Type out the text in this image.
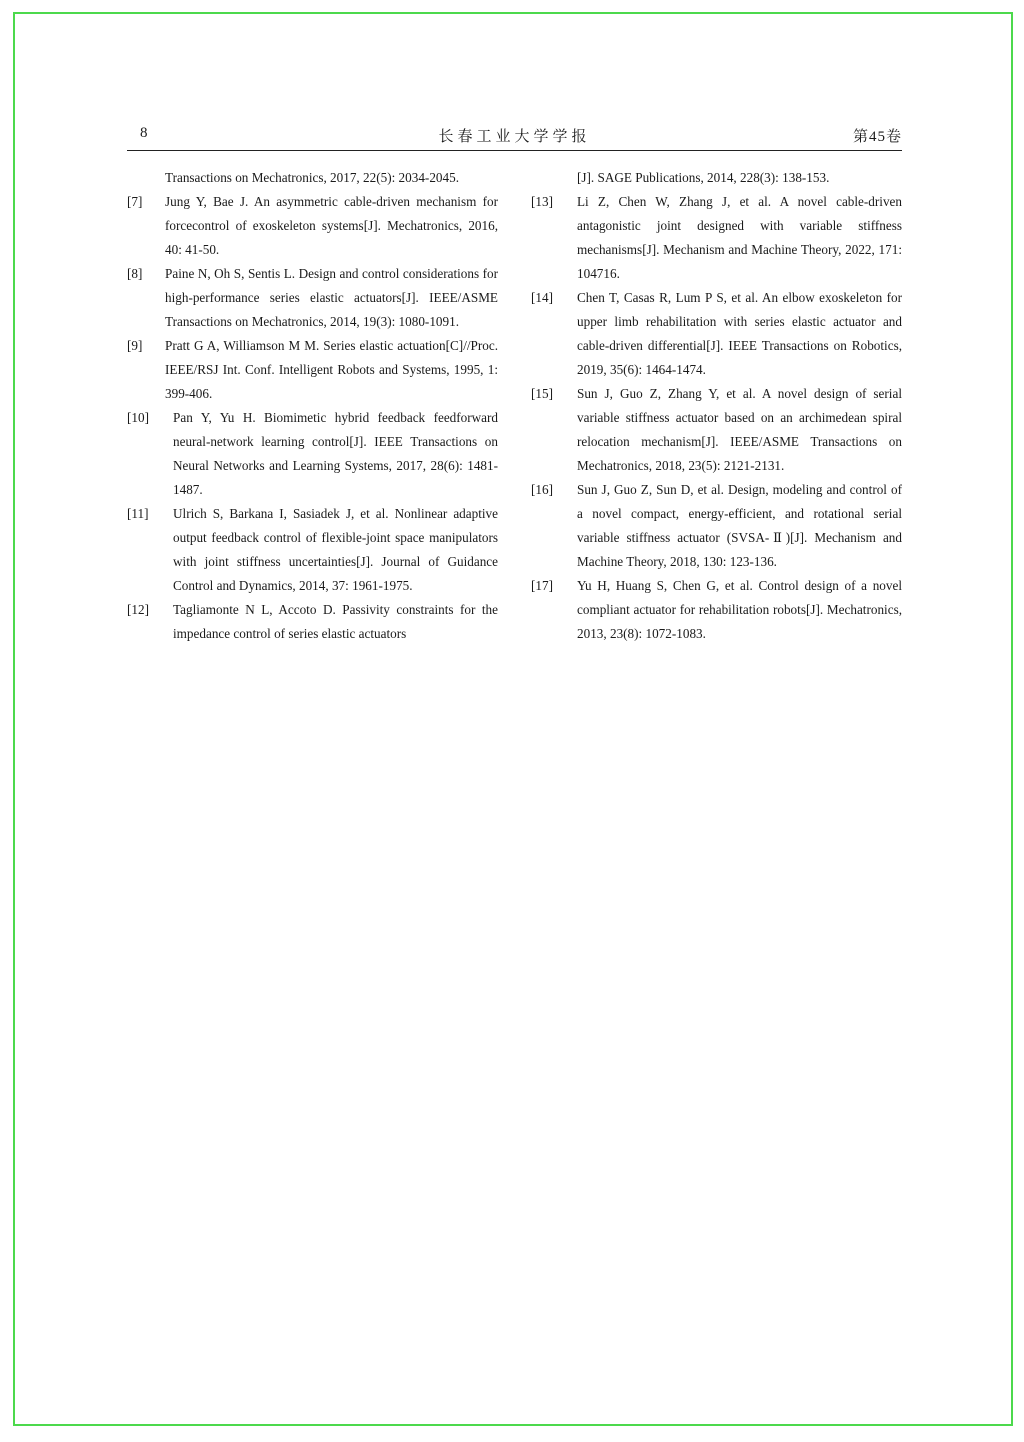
8	长春工业大学学报	第45卷
Transactions on Mechatronics, 2017, 22(5): 2034-2045.
[7]	Jung Y, Bae J. An asymmetric cable-driven mechanism for forcecontrol of exoskeleton systems[J]. Mechatronics, 2016, 40: 41-50.
[8]	Paine N, Oh S, Sentis L. Design and control considerations for high-performance series elastic actuators[J]. IEEE/ASME Transactions on Mechatronics, 2014, 19(3): 1080-1091.
[9]	Pratt G A, Williamson M M. Series elastic actuation[C]//Proc. IEEE/RSJ Int. Conf. Intelligent Robots and Systems, 1995, 1: 399-406.
[10]	Pan Y, Yu H. Biomimetic hybrid feedback feedforward neural-network learning control[J]. IEEE Transactions on Neural Networks and Learning Systems, 2017, 28(6): 1481-1487.
[11]	Ulrich S, Barkana I, Sasiadek J, et al. Nonlinear adaptive output feedback control of flexible-joint space manipulators with joint stiffness uncertainties[J]. Journal of Guidance Control and Dynamics, 2014, 37: 1961-1975.
[12]	Tagliamonte N L, Accoto D. Passivity constraints for the impedance control of series elastic actuators
[J]. SAGE Publications, 2014, 228(3): 138-153.
[13]	Li Z, Chen W, Zhang J, et al. A novel cable-driven antagonistic joint designed with variable stiffness mechanisms[J]. Mechanism and Machine Theory, 2022, 171: 104716.
[14]	Chen T, Casas R, Lum P S, et al. An elbow exoskeleton for upper limb rehabilitation with series elastic actuator and cable-driven differential[J]. IEEE Transactions on Robotics, 2019, 35(6): 1464-1474.
[15]	Sun J, Guo Z, Zhang Y, et al. A novel design of serial variable stiffness actuator based on an archimedean spiral relocation mechanism[J]. IEEE/ASME Transactions on Mechatronics, 2018, 23(5): 2121-2131.
[16]	Sun J, Guo Z, Sun D, et al. Design, modeling and control of a novel compact, energy-efficient, and rotational serial variable stiffness actuator (SVSA-Ⅱ)[J]. Mechanism and Machine Theory, 2018, 130: 123-136.
[17]	Yu H, Huang S, Chen G, et al. Control design of a novel compliant actuator for rehabilitation robots[J]. Mechatronics, 2013, 23(8): 1072-1083.
